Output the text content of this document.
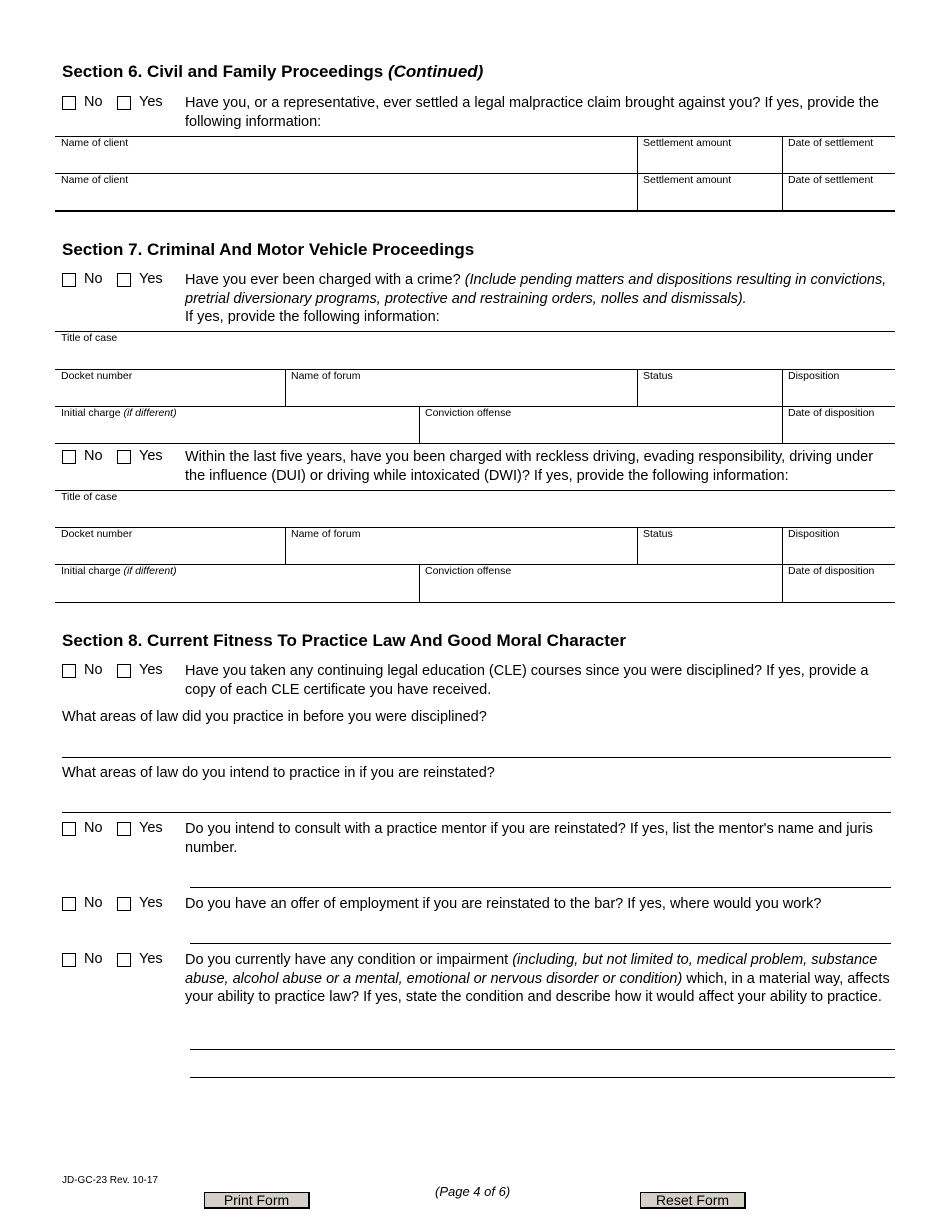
Section 6. Civil and Family Proceedings (Continued)
No	Yes Have you, or a representative, ever settled a legal malpractice claim brought against you? If yes, provide the following information:
Name of client	Settlement amount	Date of settlement
Name of client	Settlement amount	Date of settlement
Section 7. Criminal And Motor Vehicle Proceedings
No	Yes Have you ever been charged with a crime? (Include pending matters and dispositions resulting in convictions, pretrial diversionary programs, protective and restraining orders, nolles and dismissals).
If yes, provide the following information:
Title of case
Docket number	Name of forum	Status	Disposition
Initial charge (if different)	Conviction offense	Date of disposition
No	Yes Within the last five years, have you been charged with reckless driving, evading responsibility, driving under the influence (DUI) or driving while intoxicated (DWI)? If yes, provide the following information:
Title of case
Docket number	Name of forum	Status	Disposition
Initial charge (if different)	Conviction offense	Date of disposition
Section 8. Current Fitness To Practice Law And Good Moral Character
No	Yes Have you taken any continuing legal education (CLE) courses since you were disciplined? If yes, provide a copy of each CLE certificate you have received.
What areas of law did you practice in before you were disciplined?
What areas of law do you intend to practice in if you are reinstated?
No	Yes Do you intend to consult with a practice mentor if you are reinstated? If yes, list the mentor's name and juris number.
No	Yes Do you have an offer of employment if you are reinstated to the bar? If yes, where would you work?
No	Yes Do you currently have any condition or impairment (including, but not limited to, medical problem, substance abuse, alcohol abuse or a mental, emotional or nervous disorder or condition) which, in a material way, affects your ability to practice law? If yes, state the condition and describe how it would affect your ability to practice.
JD-GC-23 Rev. 10-17
(Page 4 of 6)
Print Form	Reset Form
